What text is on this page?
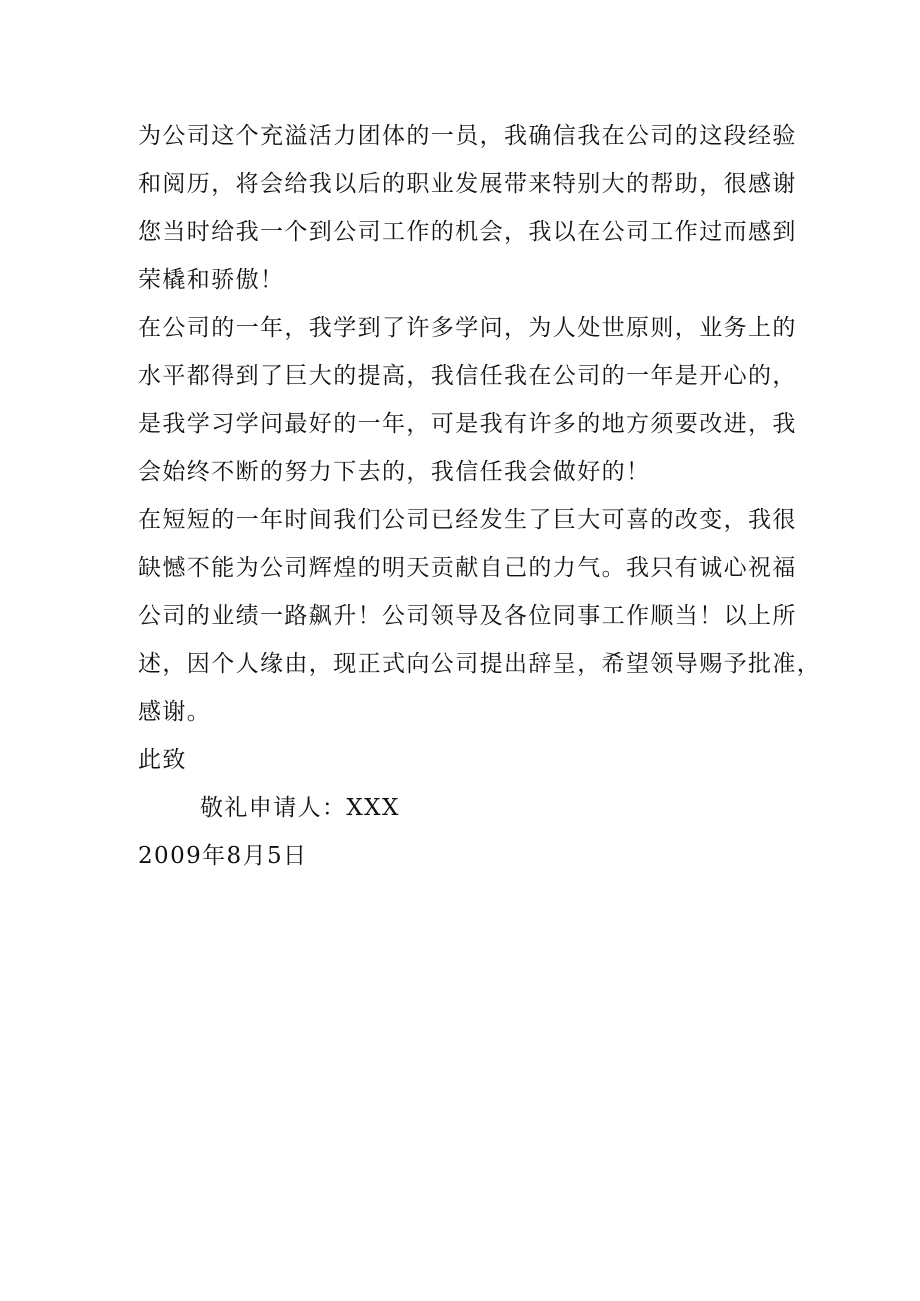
为公司这个充溢活力团体的一员，我确信我在公司的这段经验
和阅历，将会给我以后的职业发展带来特别大的帮助，很感谢
您当时给我一个到公司工作的机会，我以在公司工作过而感到
荣橇和骄傲！
在公司的一年，我学到了许多学问，为人处世原则，业务上的
水平都得到了巨大的提高，我信任我在公司的一年是开心的，
是我学习学问最好的一年，可是我有许多的地方须要改进，我
会始终不断的努力下去的，我信任我会做好的！
在短短的一年时间我们公司已经发生了巨大可喜的改变，我很
缺憾不能为公司辉煌的明天贡献自己的力气。我只有诚心祝福
公司的业绩一路飙升！公司领导及各位同事工作顺当！以上所
述，因个人缘由，现正式向公司提出辞呈，希望领导赐予批准，
感谢。
此致
敬礼申请人：XXX
2009年8月5日
